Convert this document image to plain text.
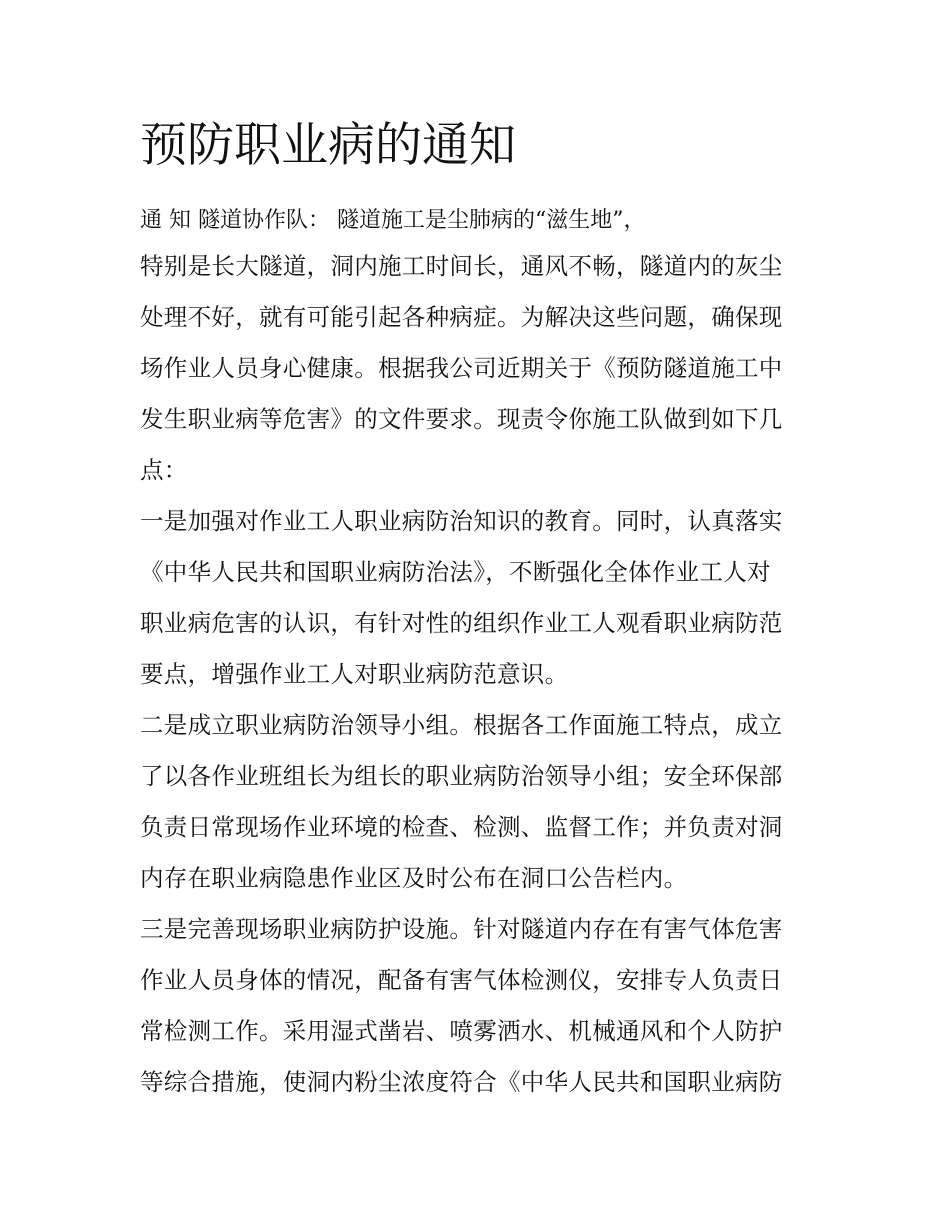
预防职业病的通知
通 知 隧道协作队： 隧道施工是尘肺病的“滋生地”，
特别是长大隧道，洞内施工时间长，通风不畅，隧道内的灰尘
处理不好，就有可能引起各种病症。为解决这些问题，确保现
场作业人员身心健康。根据我公司近期关于《预防隧道施工中
发生职业病等危害》的文件要求。现责令你施工队做到如下几
点：
一是加强对作业工人职业病防治知识的教育。同时，认真落实
《中华人民共和国职业病防治法》，不断强化全体作业工人对
职业病危害的认识，有针对性的组织作业工人观看职业病防范
要点，增强作业工人对职业病防范意识。
二是成立职业病防治领导小组。根据各工作面施工特点，成立
了以各作业班组长为组长的职业病防治领导小组；安全环保部
负责日常现场作业环境的检查、检测、监督工作；并负责对洞
内存在职业病隐患作业区及时公布在洞口公告栏内。
三是完善现场职业病防护设施。针对隧道内存在有害气体危害
作业人员身体的情况，配备有害气体检测仪，安排专人负责日
常检测工作。采用湿式凿岩、喷雾洒水、机械通风和个人防护
等综合措施，使洞内粉尘浓度符合《中华人民共和国职业病防
